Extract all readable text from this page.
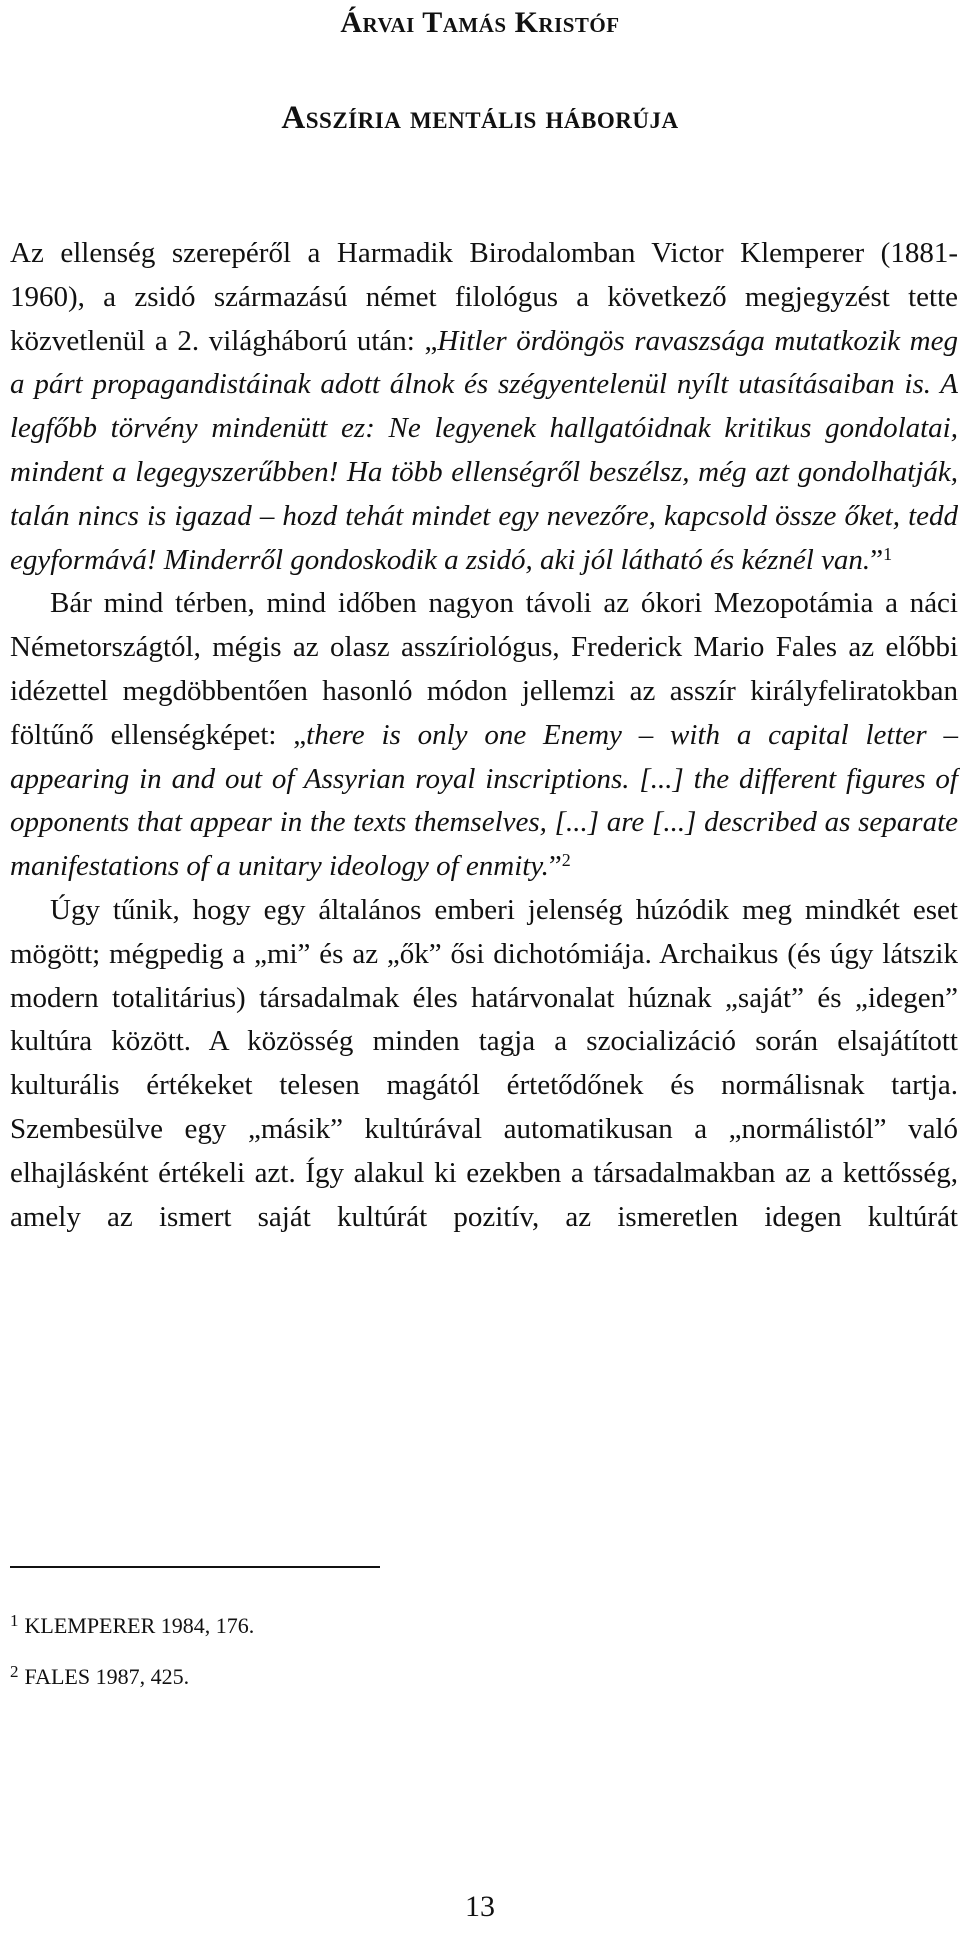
Árvai Tamás Kristóf
Asszíria mentális háborúja

Az ellenség szerepéről a Harmadik Birodalomban Victor Klemperer (1881-1960), a zsidó származású német filológus a következő megjegyzést tette közvetlenül a 2. világháború után: „Hitler ördöngös ravaszsága mutatkozik meg a párt propagandistáinak adott álnok és szégyentelenül nyílt utasításaiban is. A legfőbb törvény mindenütt ez: Ne legyenek hallgatóidnak kritikus gondolatai, mindent a legegyszerűbben! Ha több ellenségről beszélsz, még azt gondolhatják, talán nincs is igazad – hozd tehát mindet egy nevezőre, kapcsold össze őket, tedd egyformává! Minderről gondoskodik a zsidó, aki jól látható és kéznél van.”$^1$

Bár mind térben, mind időben nagyon távoli az ókori Mezopotámia a náci Németországtól, mégis az olasz asszíriológus, Frederick Mario Fales az előbbi idézettel megdöbbentően hasonló módon jellemzi az asszír királyfeliratokban föltűnő ellenségképet: „there is only one Enemy – with a capital letter – appearing in and out of Assyrian royal inscriptions. [...] the different figures of opponents that appear in the texts themselves, [...] are [...] described as separate manifestations of a unitary ideology of enmity.”$^2$

Úgy tűnik, hogy egy általános emberi jelenség húzódik meg mindkét eset mögött; mégpedig a „mi” és az „ők” ősi dichotómiája. Archaikus (és úgy látszik modern totalitárius) társadalmak éles határvonalat húznak „saját” és „idegen” kultúra között. A közösség minden tagja a szocializáció során elsajátított kulturális értékeket telesen magától értetődőnek és normálisnak tartja. Szembesülve egy „másik” kultúrával automatikusan a „normálistól” való elhajlásként értékeli azt. Így alakul ki ezekben a társadalmakban az a kettősség, amely az ismert saját kultúrát pozitív, az ismeretlen idegen kultúrát

1 KLEMPERER 1984, 176.

2 FALES 1987, 425.

13
